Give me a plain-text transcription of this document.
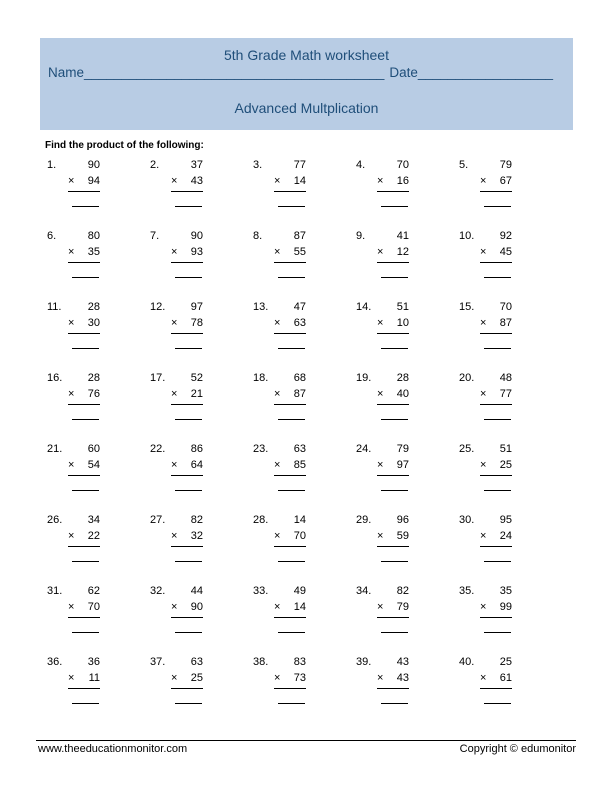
5th Grade Math worksheet
Name________________________________________ Date__________________
Advanced Multplication
Find the product of the following:
1.	90
× 94
2.	37
× 43
3.	77
× 14
4.	70
× 16
5.	79
× 67
6.	80
× 35
7.	90
× 93
8.	87
× 55
9.	41
× 12
10.	92
× 45
11.	28
× 30
12.	97
× 78
13.	47
× 63
14.	51
× 10
15.	70
× 87
16.	28
× 76
17.	52
× 21
18.	68
× 87
19.	28
× 40
20.	48
× 77
21.	60
× 54
22.	86
× 64
23.	63
× 85
24.	79
× 97
25.	51
× 25
26.	34
× 22
27.	82
× 32
28.	14
× 70
29.	96
× 59
30.	95
× 24
31.	62
× 70
32.	44
× 90
33.	49
× 14
34.	82
× 79
35.	35
× 99
36.	36
× 11
37.	63
× 25
38.	83
× 73
39.	43
× 43
40.	25
× 61
www.theeducationmonitor.com	Copyright © edumonitor
